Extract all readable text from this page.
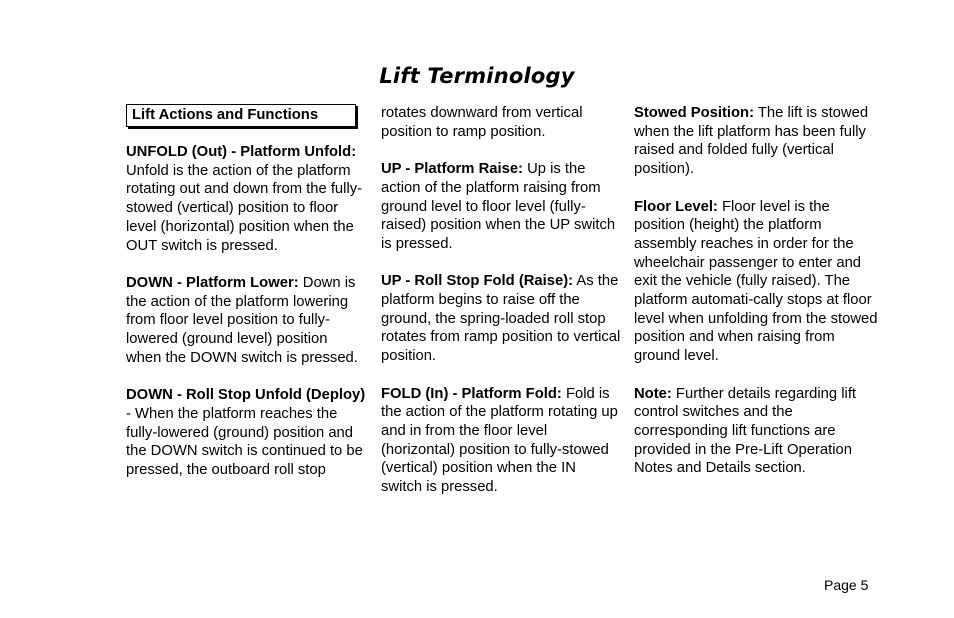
Lift Terminology
Lift Actions and Functions

UNFOLD (Out) - Platform Unfold: Unfold is the action of the platform rotating out and down from the fully-stowed (vertical) position to floor level (horizontal) position when the OUT switch is pressed.

DOWN - Platform Lower: Down is the action of the platform lowering from floor level position to fully-lowered (ground level) position when the DOWN switch is pressed.

DOWN - Roll Stop Unfold (Deploy) - When the platform reaches the fully-lowered (ground) position and the DOWN switch is continued to be pressed, the outboard roll stop

rotates downward from vertical position to ramp position.

UP - Platform Raise: Up is the action of the platform raising from ground level to floor level (fully-raised) position when the UP switch is pressed.

UP - Roll Stop Fold (Raise): As the platform begins to raise off the ground, the spring-loaded roll stop rotates from ramp position to vertical position.

FOLD (In) - Platform Fold: Fold is the action of the platform rotating up and in from the floor level (horizontal) position to fully-stowed (vertical) position when the IN switch is pressed.

Stowed Position: The lift is stowed when the lift platform has been fully raised and folded fully (vertical position).

Floor Level: Floor level is the position (height) the platform assembly reaches in order for the wheelchair passenger to enter and exit the vehicle (fully raised). The platform automati-cally stops at floor level when unfolding from the stowed position and when raising from ground level.

Note: Further details regarding lift control switches and the corresponding lift functions are provided in the Pre-Lift Operation Notes and Details section.

Page 5
